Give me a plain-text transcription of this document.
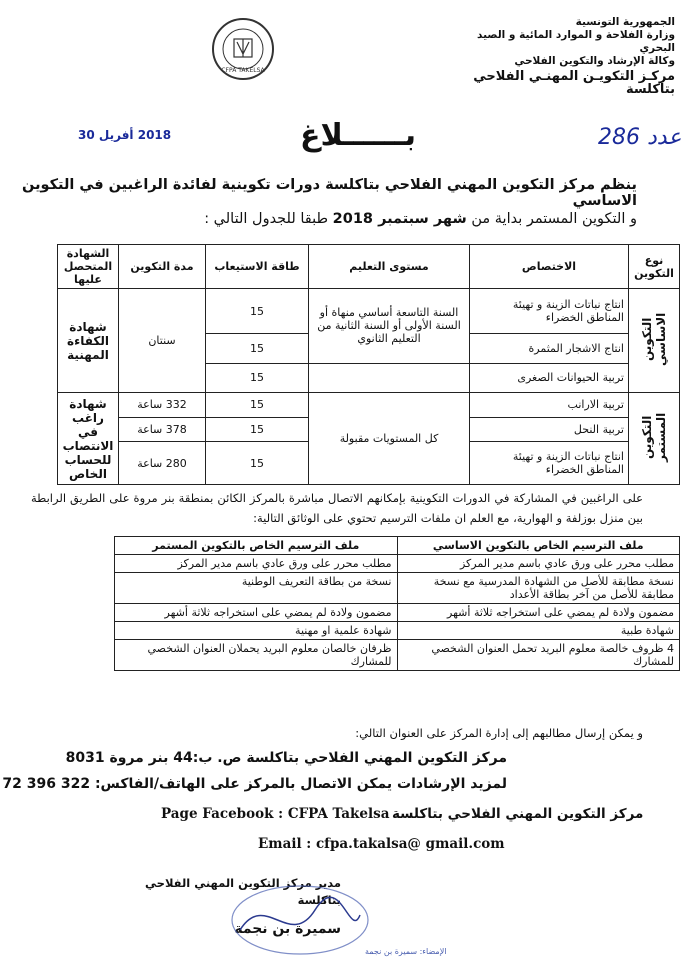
الجمهورية التونسية
وزارة الفلاحة و الموارد المائية و الصيد البحري
وكالة الإرشاد والتكوين الفلاحي
مركـز التكويـن المهنـي الفلاحي بتاكلسة
CFPA TAKELSA
2018 أفريل 30	بــــــلاغ	عدد 286
ينظم مركز التكوين المهني الفلاحي بتاكلسة دورات تكوينية لفائدة الراغبين في التكوين الاساسي
و التكوين المستمر بداية من شهر سبتمبر 2018 طبقا للجدول التالي :
نوع التكوين	الاختصاص	مستوى التعليم	طاقة الاستيعاب	مدة التكوين	الشهادة المتحصل عليها
التكوين الاساسي	انتاج نباتات الزينة و تهيئة المناطق الخضراء	السنة التاسعة أساسي منهاة أو السنة الأولى أو السنة الثانية من التعليم الثانوي	15	سنتان	شهادة الكفاءة المهنية
	انتاج الاشجار المثمرة		15		
	تربية الحيوانات الصغرى		15		
التكوين المستمر	تربية الارانب	كل المستويات مقبولة	15	332 ساعة	شهادة راغب في الانتصاب للحساب الخاص
	تربية النحل		15	378 ساعة	
	انتاج نباتات الزينة و تهيئة المناطق الخضراء		15	280 ساعة	
على الراغبين في المشاركة في الدورات التكوينية بإمكانهم الاتصال مباشرة بالمركز الكائن بمنطقة بنر مروة على الطريق الرابطة بين منزل بوزلفة و الهوارية، مع العلم ان ملفات الترسيم تحتوي على الوثائق التالية:
ملف الترسيم الخاص بالتكوين الاساسي	ملف الترسيم الخاص بالتكوين المستمر
مطلب محرر على ورق عادي باسم مدير المركز	مطلب محرر على ورق عادي باسم مدير المركز
نسخة مطابقة للأصل من الشهادة المدرسية مع نسخة مطابقة للأصل من آخر بطاقة الأعداد	نسخة من بطاقة التعريف الوطنية
مضمون ولادة لم يمضي على استخراجه ثلاثة أشهر	مضمون ولادة لم يمضي على استخراجه ثلاثة أشهر
شهادة طبية	شهادة علمية او مهنية
4 ظروف خالصة معلوم البريد تحمل العنوان الشخصي للمشارك	ظرفان خالصان معلوم البريد يحملان العنوان الشخصي للمشارك
و يمكن إرسال مطالبهم إلى إدارة المركز على العنوان التالي:
مركز التكوين المهني الفلاحي بتاكلسة ص. ب:44 بنر مروة 8031
لمزيد الإرشادات يمكن الاتصال بالمركز على الهاتف/الفاكس: 322 396 72
Page Facebook : CFPA Takelsa مركز التكوين المهني الفلاحي بتاكلسة
Email : cfpa.takalsa@ gmail.com
مدير مركز التكوين المهني الفلاحي
بتاكلسة
سميرة بن نجمة
الإمضاء: سميرة بن نجمة
